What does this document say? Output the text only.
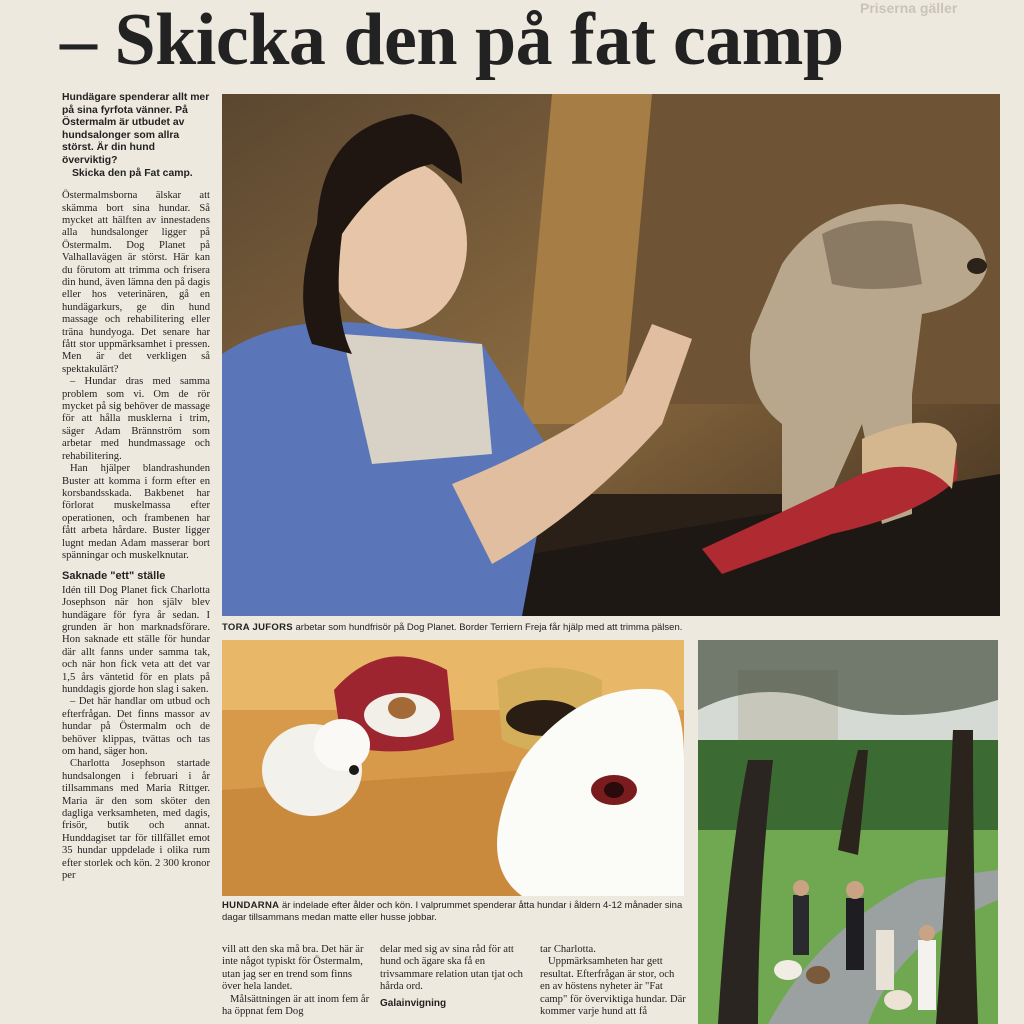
Priserna gäller
– Skicka den på fat camp
Hundägare spenderar allt mer på sina fyrfota vänner. På Östermalm är utbudet av hundsalonger som allra störst. Är din hund överviktig?
Skicka den på Fat camp.

Östermalmsborna älskar att skämma bort sina hundar. Så mycket att hälften av innestadens alla hundsalonger ligger på Östermalm. Dog Planet på Valhallavägen är störst. Här kan du förutom att trimma och frisera din hund, även lämna den på dagis eller hos veterinären, gå en hundägarkurs, ge din hund massage och rehabilitering eller träna hundyoga. Det senare har fått stor uppmärksamhet i pressen. Men är det verkligen så spektakulärt?

– Hundar dras med samma problem som vi. Om de rör mycket på sig behöver de massage för att hålla musklerna i trim, säger Adam Brännström som arbetar med hundmassage och rehabilitering.

Han hjälper blandrashunden Buster att komma i form efter en korsbandsskada. Bakbenet har förlorat muskelmassa efter operationen, och frambenen har fått arbeta hårdare. Buster ligger lugnt medan Adam masserar bort spänningar och muskelknutar.

Saknade "ett" ställe

Idén till Dog Planet fick Charlotta Josephson när hon själv blev hundägare för fyra år sedan. I grunden är hon marknadsförare. Hon saknade ett ställe för hundar där allt fanns under samma tak, och när hon fick veta att det var 1,5 års väntetid för en plats på hunddagis gjorde hon slag i saken.

– Det här handlar om utbud och efterfrågan. Det finns massor av hundar på Östermalm och de behöver klippas, tvättas och tas om hand, säger hon.

Charlotta Josephson startade hundsalongen i februari i år tillsammans med Maria Rittger. Maria är den som sköter den dagliga verksamheten, med dagis, frisör, butik och annat. Hunddagiset tar för tillfället emot 35 hundar uppdelade i olika rum efter storlek och kön. 2 300 kronor per

TORA JUFORS arbetar som hundfrisör på Dog Planet. Border Terriern Freja får hjälp med att trimma pälsen.
HUNDARNA är indelade efter ålder och kön. I valprummet spenderar åtta hundar i åldern 4-12 månader sina dagar tillsammans medan matte eller husse jobbar.

vill att den ska må bra. Det här är inte något typiskt för Östermalm, utan jag ser en trend som finns över hela landet.

Målsättningen är att inom fem år ha öppnat fem Dog

delar med sig av sina råd för att hund och ägare ska få en trivsammare relation utan tjat och hårda ord.

Galainvigning

tar Charlotta.

Uppmärksamheten har gett resultat. Efterfrågan är stor, och en av höstens nyheter är "Fat camp" för överviktiga hundar. Där kommer varje hund att få
